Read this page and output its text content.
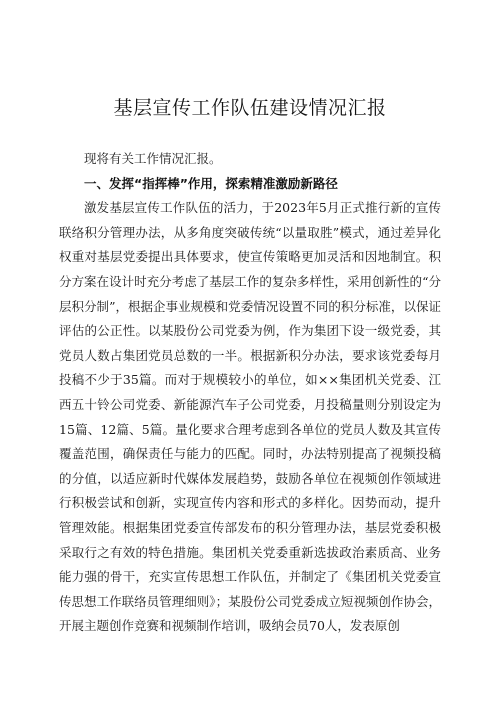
基层宣传工作队伍建设情况汇报

现将有关工作情况汇报。

一、发挥“指挥棒”作用，探索精准激励新路径

激发基层宣传工作队伍的活力，于2023年5月正式推行新的宣传联络积分管理办法，从多角度突破传统“以量取胜”模式，通过差异化权重对基层党委提出具体要求，使宣传策略更加灵活和因地制宜。积分方案在设计时充分考虑了基层工作的复杂多样性，采用创新性的“分层积分制”，根据企事业规模和党委情况设置不同的积分标准，以保证评估的公正性。以某股份公司党委为例，作为集团下设一级党委，其党员人数占集团党员总数的一半。根据新积分办法，要求该党委每月投稿不少于35篇。而对于规模较小的单位，如××集团机关党委、江西五十铃公司党委、新能源汽车子公司党委，月投稿量则分别设定为15篇、12篇、5篇。量化要求合理考虑到各单位的党员人数及其宣传覆盖范围，确保责任与能力的匹配。同时，办法特别提高了视频投稿的分值，以适应新时代媒体发展趋势，鼓励各单位在视频创作领域进行积极尝试和创新，实现宣传内容和形式的多样化。因势而动，提升管理效能。根据集团党委宣传部发布的积分管理办法，基层党委积极采取行之有效的特色措施。集团机关党委重新选拔政治素质高、业务能力强的骨干，充实宣传思想工作队伍，并制定了《集团机关党委宣传思想工作联络员管理细则》；某股份公司党委成立短视频创作协会，开展主题创作竞赛和视频制作培训，吸纳会员70人，发表原创
